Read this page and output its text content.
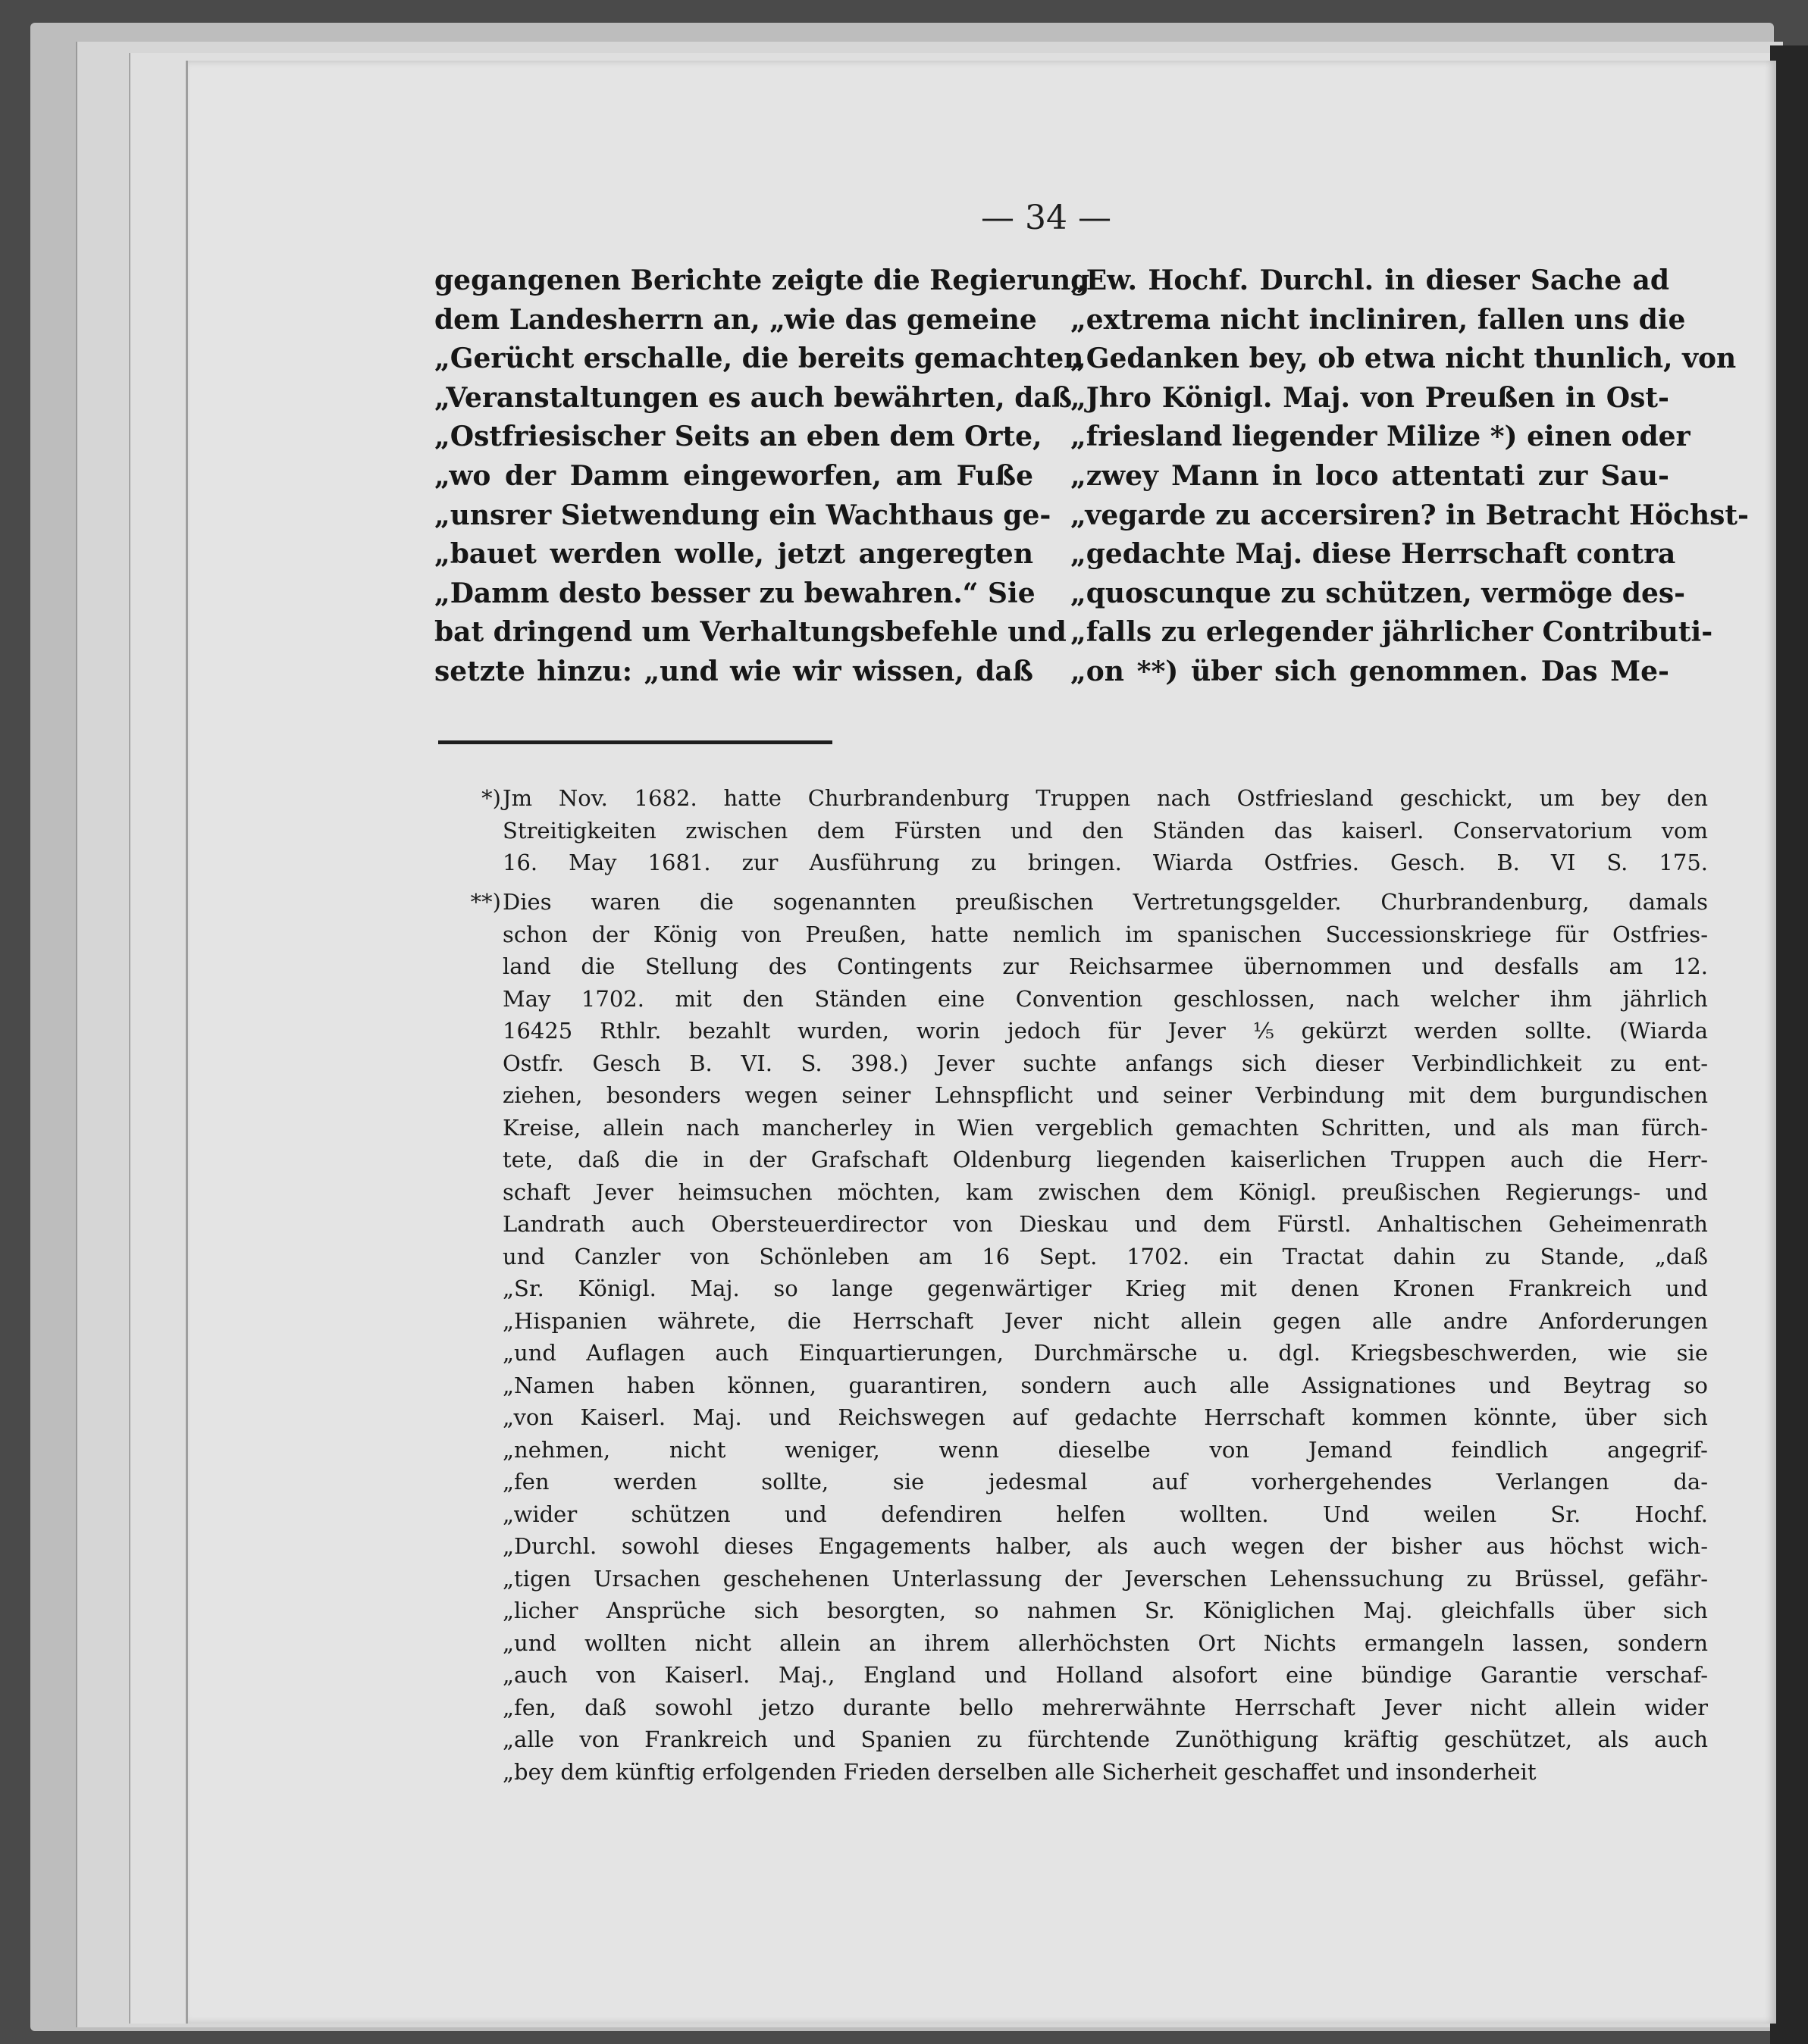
— 34 —
gegangenen Berichte zeigte die Regierung
dem Landesherrn an, „wie das gemeine
„Gerücht erschalle, die bereits gemachten
„Veranstaltungen es auch bewährten, daß
„Ostfriesischer Seits an eben dem Orte,
„wo der Damm eingeworfen, am Fuße
„unsrer Sietwendung ein Wachthaus ge-
„bauet werden wolle, jetzt angeregten
„Damm desto besser zu bewahren.“ Sie
bat dringend um Verhaltungsbefehle und
setzte hinzu: „und wie wir wissen, daß
„Ew. Hochf. Durchl. in dieser Sache ad
„extrema nicht incliniren, fallen uns die
„Gedanken bey, ob etwa nicht thunlich, von
„Jhro Königl. Maj. von Preußen in Ost-
„friesland liegender Milize *) einen oder
„zwey Mann in loco attentati zur Sau-
„vegarde zu accersiren? in Betracht Höchst-
„gedachte Maj. diese Herrschaft contra
„quoscunque zu schützen, vermöge des-
„falls zu erlegender jährlicher Contributi-
„on **) über sich genommen. Das Me-
*) Jm Nov. 1682. hatte Churbrandenburg Truppen nach Ostfriesland geschickt, um bey den
Streitigkeiten zwischen dem Fürsten und den Ständen das kaiserl. Conservatorium vom
16. May 1681. zur Ausführung zu bringen. Wiarda Ostfries. Gesch. B. VI S. 175.
**) Dies waren die sogenannten preußischen Vertretungsgelder. Churbrandenburg, damals
schon der König von Preußen, hatte nemlich im spanischen Successionskriege für Ostfries-
land die Stellung des Contingents zur Reichsarmee übernommen und desfalls am 12.
May 1702. mit den Ständen eine Convention geschlossen, nach welcher ihm jährlich
16425 Rthlr. bezahlt wurden, worin jedoch für Jever ⅕ gekürzt werden sollte. (Wiarda
Ostfr. Gesch B. VI. S. 398.) Jever suchte anfangs sich dieser Verbindlichkeit zu ent-
ziehen, besonders wegen seiner Lehnspflicht und seiner Verbindung mit dem burgundischen
Kreise, allein nach mancherley in Wien vergeblich gemachten Schritten, und als man fürch-
tete, daß die in der Grafschaft Oldenburg liegenden kaiserlichen Truppen auch die Herr-
schaft Jever heimsuchen möchten, kam zwischen dem Königl. preußischen Regierungs- und
Landrath auch Obersteuerdirector von Dieskau und dem Fürstl. Anhaltischen Geheimenrath
und Canzler von Schönleben am 16 Sept. 1702. ein Tractat dahin zu Stande, „daß
„Sr. Königl. Maj. so lange gegenwärtiger Krieg mit denen Kronen Frankreich und
„Hispanien währete, die Herrschaft Jever nicht allein gegen alle andre Anforderungen
„und Auflagen auch Einquartierungen, Durchmärsche u. dgl. Kriegsbeschwerden, wie sie
„Namen haben können, guarantiren, sondern auch alle Assignationes und Beytrag so
„von Kaiserl. Maj. und Reichswegen auf gedachte Herrschaft kommen könnte, über sich
„nehmen, nicht weniger, wenn dieselbe von Jemand feindlich angegrif-
„fen werden sollte, sie jedesmal auf vorhergehendes Verlangen da-
„wider schützen und defendiren helfen wollten. Und weilen Sr. Hochf.
„Durchl. sowohl dieses Engagements halber, als auch wegen der bisher aus höchst wich-
„tigen Ursachen geschehenen Unterlassung der Jeverschen Lehenssuchung zu Brüssel, gefähr-
„licher Ansprüche sich besorgten, so nahmen Sr. Königlichen Maj. gleichfalls über sich
„und wollten nicht allein an ihrem allerhöchsten Ort Nichts ermangeln lassen, sondern
„auch von Kaiserl. Maj., England und Holland alsofort eine bündige Garantie verschaf-
„fen, daß sowohl jetzo durante bello mehrerwähnte Herrschaft Jever nicht allein wider
„alle von Frankreich und Spanien zu fürchtende Zunöthigung kräftig geschützet, als auch
„bey dem künftig erfolgenden Frieden derselben alle Sicherheit geschaffet und insonderheit
